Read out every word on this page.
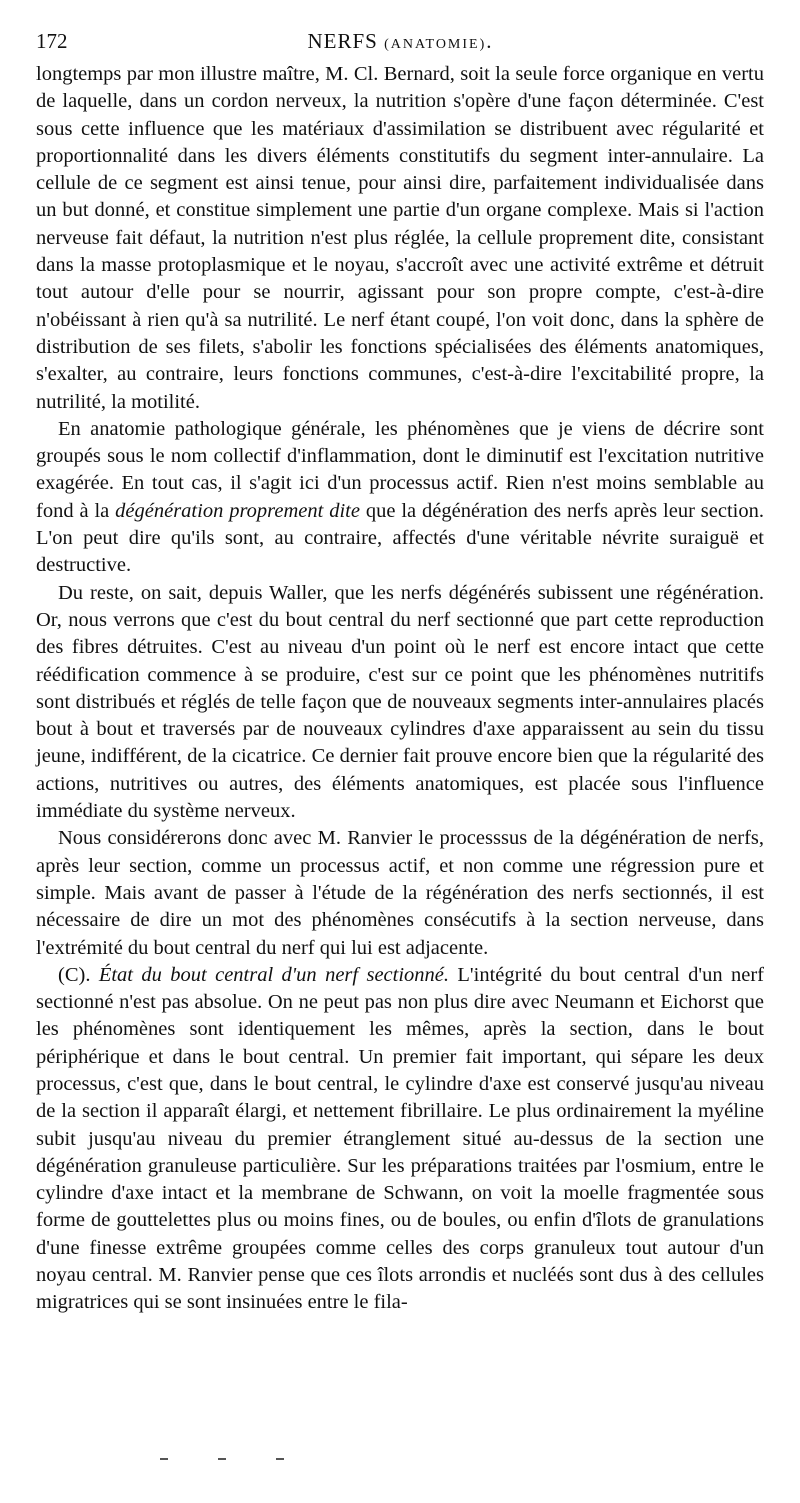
172	NERFS (ANATOMIE).

longtemps par mon illustre maître, M. Cl. Bernard, soit la seule force organique en vertu de laquelle, dans un cordon nerveux, la nutrition s'opère d'une façon déterminée. C'est sous cette influence que les matériaux d'assimilation se distribuent avec régularité et proportionnalité dans les divers éléments constitutifs du segment inter-annulaire. La cellule de ce segment est ainsi tenue, pour ainsi dire, parfaitement individualisée dans un but donné, et constitue simplement une partie d'un organe complexe. Mais si l'action nerveuse fait défaut, la nutrition n'est plus réglée, la cellule proprement dite, consistant dans la masse protoplasmique et le noyau, s'accroît avec une activité extrême et détruit tout autour d'elle pour se nourrir, agissant pour son propre compte, c'est-à-dire n'obéissant à rien qu'à sa nutrilité. Le nerf étant coupé, l'on voit donc, dans la sphère de distribution de ses filets, s'abolir les fonctions spécialisées des éléments anatomiques, s'exalter, au contraire, leurs fonctions communes, c'est-à-dire l'excitabilité propre, la nutrilité, la motilité.

En anatomie pathologique générale, les phénomènes que je viens de décrire sont groupés sous le nom collectif d'inflammation, dont le diminutif est l'excitation nutritive exagérée. En tout cas, il s'agit ici d'un processus actif. Rien n'est moins semblable au fond à la dégénération proprement dite que la dégénération des nerfs après leur section. L'on peut dire qu'ils sont, au contraire, affectés d'une véritable névrite suraiguë et destructive.

Du reste, on sait, depuis Waller, que les nerfs dégénérés subissent une régénération. Or, nous verrons que c'est du bout central du nerf sectionné que part cette reproduction des fibres détruites. C'est au niveau d'un point où le nerf est encore intact que cette réédification commence à se produire, c'est sur ce point que les phénomènes nutritifs sont distribués et réglés de telle façon que de nouveaux segments inter-annulaires placés bout à bout et traversés par de nouveaux cylindres d'axe apparaissent au sein du tissu jeune, indifférent, de la cicatrice. Ce dernier fait prouve encore bien que la régularité des actions, nutritives ou autres, des éléments anatomiques, est placée sous l'influence immédiate du système nerveux.

Nous considérerons donc avec M. Ranvier le processsus de la dégénération de nerfs, après leur section, comme un processus actif, et non comme une régression pure et simple. Mais avant de passer à l'étude de la régénération des nerfs sectionnés, il est nécessaire de dire un mot des phénomènes consécutifs à la section nerveuse, dans l'extrémité du bout central du nerf qui lui est adjacente.

(C). État du bout central d'un nerf sectionné. L'intégrité du bout central d'un nerf sectionné n'est pas absolue. On ne peut pas non plus dire avec Neumann et Eichorst que les phénomènes sont identiquement les mêmes, après la section, dans le bout périphérique et dans le bout central. Un premier fait important, qui sépare les deux processus, c'est que, dans le bout central, le cylindre d'axe est conservé jusqu'au niveau de la section il apparaît élargi, et nettement fibrillaire. Le plus ordinairement la myéline subit jusqu'au niveau du premier étranglement situé au-dessus de la section une dégénération granuleuse particulière. Sur les préparations traitées par l'osmium, entre le cylindre d'axe intact et la membrane de Schwann, on voit la moelle fragmentée sous forme de gouttelettes plus ou moins fines, ou de boules, ou enfin d'îlots de granulations d'une finesse extrême groupées comme celles des corps granuleux tout autour d'un noyau central. M. Ranvier pense que ces îlots arrondis et nucléés sont dus à des cellules migratrices qui se sont insinuées entre le fila-
